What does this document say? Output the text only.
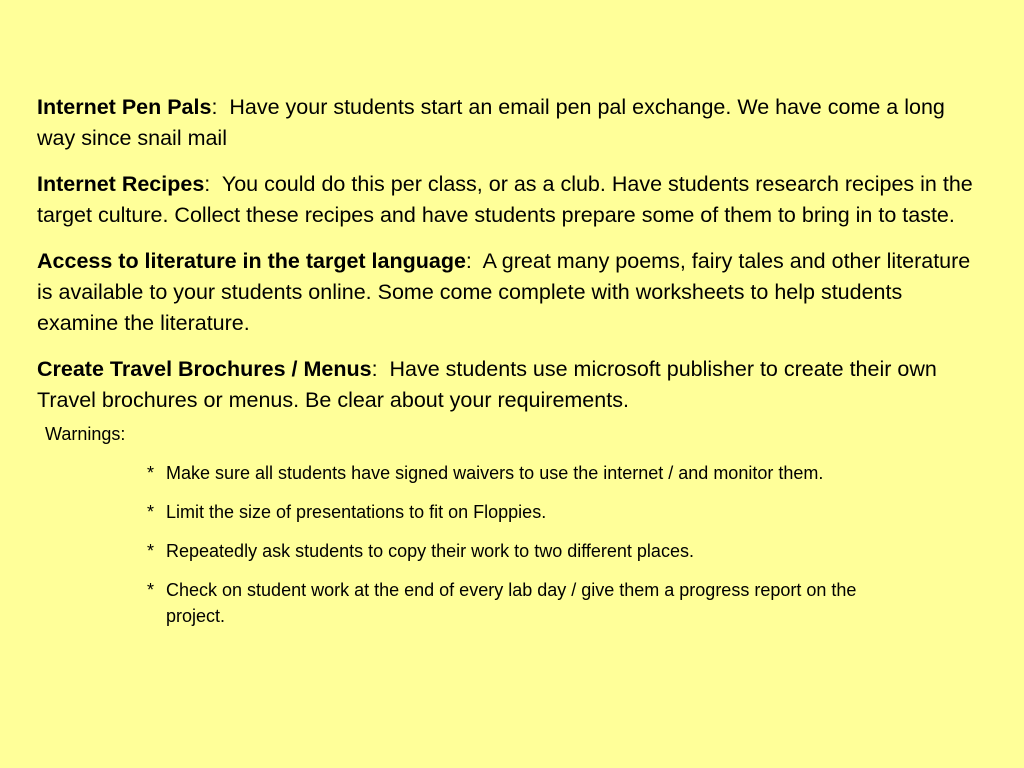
Internet Pen Pals:  Have your students start an email pen pal exchange. We have come a long way since snail mail

Internet Recipes:  You could do this per class, or as a club. Have students research recipes in the target culture. Collect these recipes and have students prepare some of them to bring in to taste.

Access to literature in the target language:  A great many poems, fairy tales and other literature is available to your students online. Some come complete with worksheets to help students examine the literature.

Create Travel Brochures / Menus:  Have students use microsoft publisher to create their own Travel brochures or menus. Be clear about your requirements.

Warnings:
* Make sure all students have signed waivers to use the internet / and monitor them.
* Limit the size of presentations to fit on Floppies.
* Repeatedly ask students to copy their work to two different places.
* Check on student work at the end of every lab day / give them a progress report on the project.
